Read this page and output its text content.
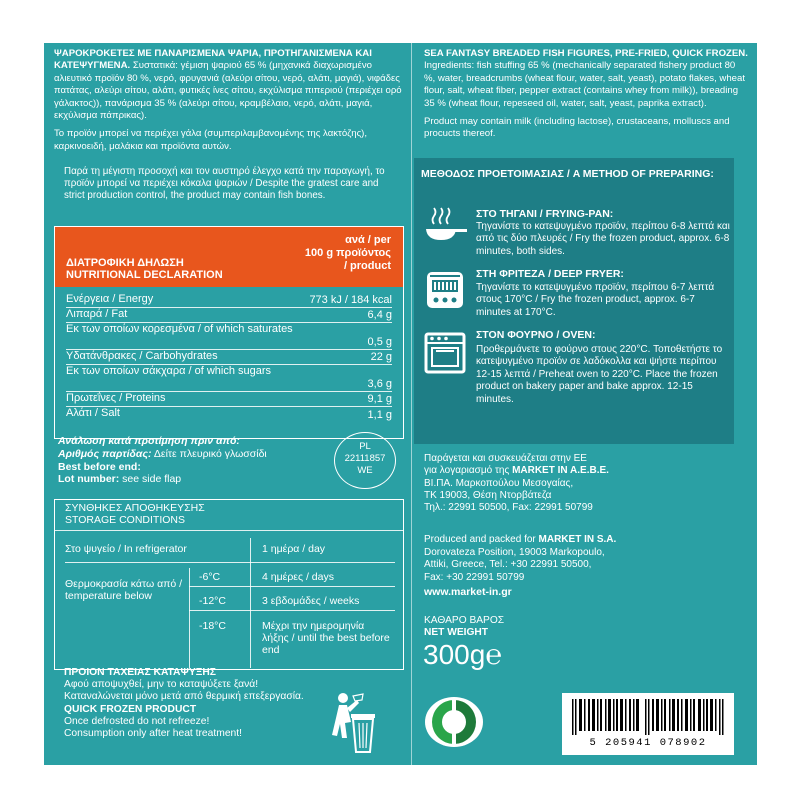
ΨΑΡΟΚΡΟΚΕΤΕΣ ΜΕ ΠΑΝΑΡΙΣΜΕΝΑ ΨΑΡΙΑ, ΠΡΟΤΗΓΑΝΙΣΜΕΝΑ ΚΑΙ ΚΑΤΕΨΥΓΜΕΝΑ. Συστατικά: γέμιση ψαριού 65 % (μηχανικά διαχωρισμένο αλιευτικό προϊόν 80 %, νερό, φρυγανιά (αλεύρι σίτου, νερό, αλάτι, μαγιά), νιφάδες πατάτας, αλεύρι σίτου, αλάτι, φυτικές ίνες σίτου, εκχύλισμα πιπεριού (περιέχει ορό γάλακτος)), πανάρισμα 35 % (αλεύρι σίτου, κραμβέλαιο, νερό, αλάτι, μαγιά, εκχύλισμα πάπρικας).
Το προϊόν μπορεί να περιέχει γάλα (συμπεριλαμβανομένης της λακτόζης), καρκινοειδή, μαλάκια και προϊόντα αυτών.
SEA FANTASY BREADED FISH FIGURES, PRE-FRIED, QUICK FROZEN. Ingredients: fish stuffing 65 % (mechanically separated fishery product 80 %, water, breadcrumbs (wheat flour, water, salt, yeast), potato flakes, wheat flour, salt, wheat fiber, pepper extract (contains whey from milk)), breading 35 % (wheat flour, repeseed oil, water, salt, yeast, paprika extract).
Product may contain milk (including lactose), crustaceans, molluscs and procucts thereof.
Παρά τη μέγιστη προσοχή και τον αυστηρό έλεγχο κατά την παραγωγή, το προϊόν μπορεί να περιέχει κόκαλα ψαριών / Despite the gratest care and strict production control, the product may contain fish bones.
ΔΙΑΤΡΟΦΙΚΗ ΔΗΛΩΣΗ
NUTRITIONAL DECLARATION
ανά / per
100 g προϊόντος
/ product
Ενέργεια / Energy	773 kJ / 184 kcal
Λιπαρά / Fat	6,4 g
Εκ των οποίων κορεσμένα / of which saturates
0,5 g
Υδατάνθρακες / Carbohydrates	22 g
Εκ των οποίων σάκχαρα / of which sugars
3,6 g
Πρωτεΐνες / Proteins	9,1 g
Αλάτι / Salt	1,1 g
Ανάλωση κατά προτίμηση πριν από:
Αριθμός παρτίδας: Δείτε πλευρικό γλωσσίδι
Best before end:
Lot number: see side flap
PL
22111857
WE
ΣΥΝΘΗΚΕΣ ΑΠΟΘΗΚΕΥΣΗΣ
STORAGE CONDITIONS
Στο ψυγείο / In refrigerator	1 ημέρα / day
Θερμοκρασία κάτω από / temperature below
-6°C	4 ημέρες / days
-12°C	3 εβδομάδες / weeks
-18°C	Μέχρι την ημερομηνία λήξης / until the best before end
ΠΡΟΙΟΝ ΤΑΧΕΙΑΣ ΚΑΤΑΨΥΞΗΣ
Αφού αποψυχθεί, μην το καταψύξετε ξανά!
Καταναλώνεται μόνο μετά από θερμική επεξεργασία.
QUICK FROZEN PRODUCT
Once defrosted do not refreeze!
Consumption only after heat treatment!
ΜΕΘΟΔΟΣ ΠΡΟΕΤΟΙΜΑΣΙΑΣ / A METHOD OF PREPARING:
ΣΤΟ ΤΗΓΑΝΙ / FRYING-PAN:
Τηγανίστε το κατεψυγμένο προϊόν, περίπου 6-8 λεπτά και από τις δύο πλευρές / Fry the frozen product, approx. 6-8 minutes, both sides.
ΣΤΗ ΦΡΙΤΕΖΑ / DEEP FRYER:
Τηγανίστε το κατεψυγμένο προϊόν, περίπου 6-7 λεπτά στους 170°C / Fry the frozen product, approx. 6-7 minutes at 170°C.
ΣΤΟΝ ΦΟΥΡΝΟ / OVEN:
Προθερμάνετε το φούρνο στους 220°C. Τοποθετήστε το κατεψυγμένο προϊόν σε λαδόκολλα και ψήστε περίπου 12-15 λεπτά / Preheat oven to 220°C. Place the frozen product on bakery paper and bake approx. 12-15 minutes.
Παράγεται και συσκευάζεται στην ΕΕ
για λογαριασμό της MARKET IN A.E.B.E.
ΒΙ.ΠΑ. Μαρκοπούλου Μεσογαίας,
ΤΚ 19003, Θέση Ντορβάτεζα
Τηλ.: 22991 50500, Fax: 22991 50799
Produced and packed for MARKET IN S.A.
Dorovateza Position, 19003 Markopoulo,
Attiki, Greece, Tel.: +30 22991 50500,
Fax: +30 22991 50799
www.market-in.gr
ΚΑΘΑΡΟ ΒΑΡΟΣ
NET WEIGHT
300g℮
5 205941 078902
